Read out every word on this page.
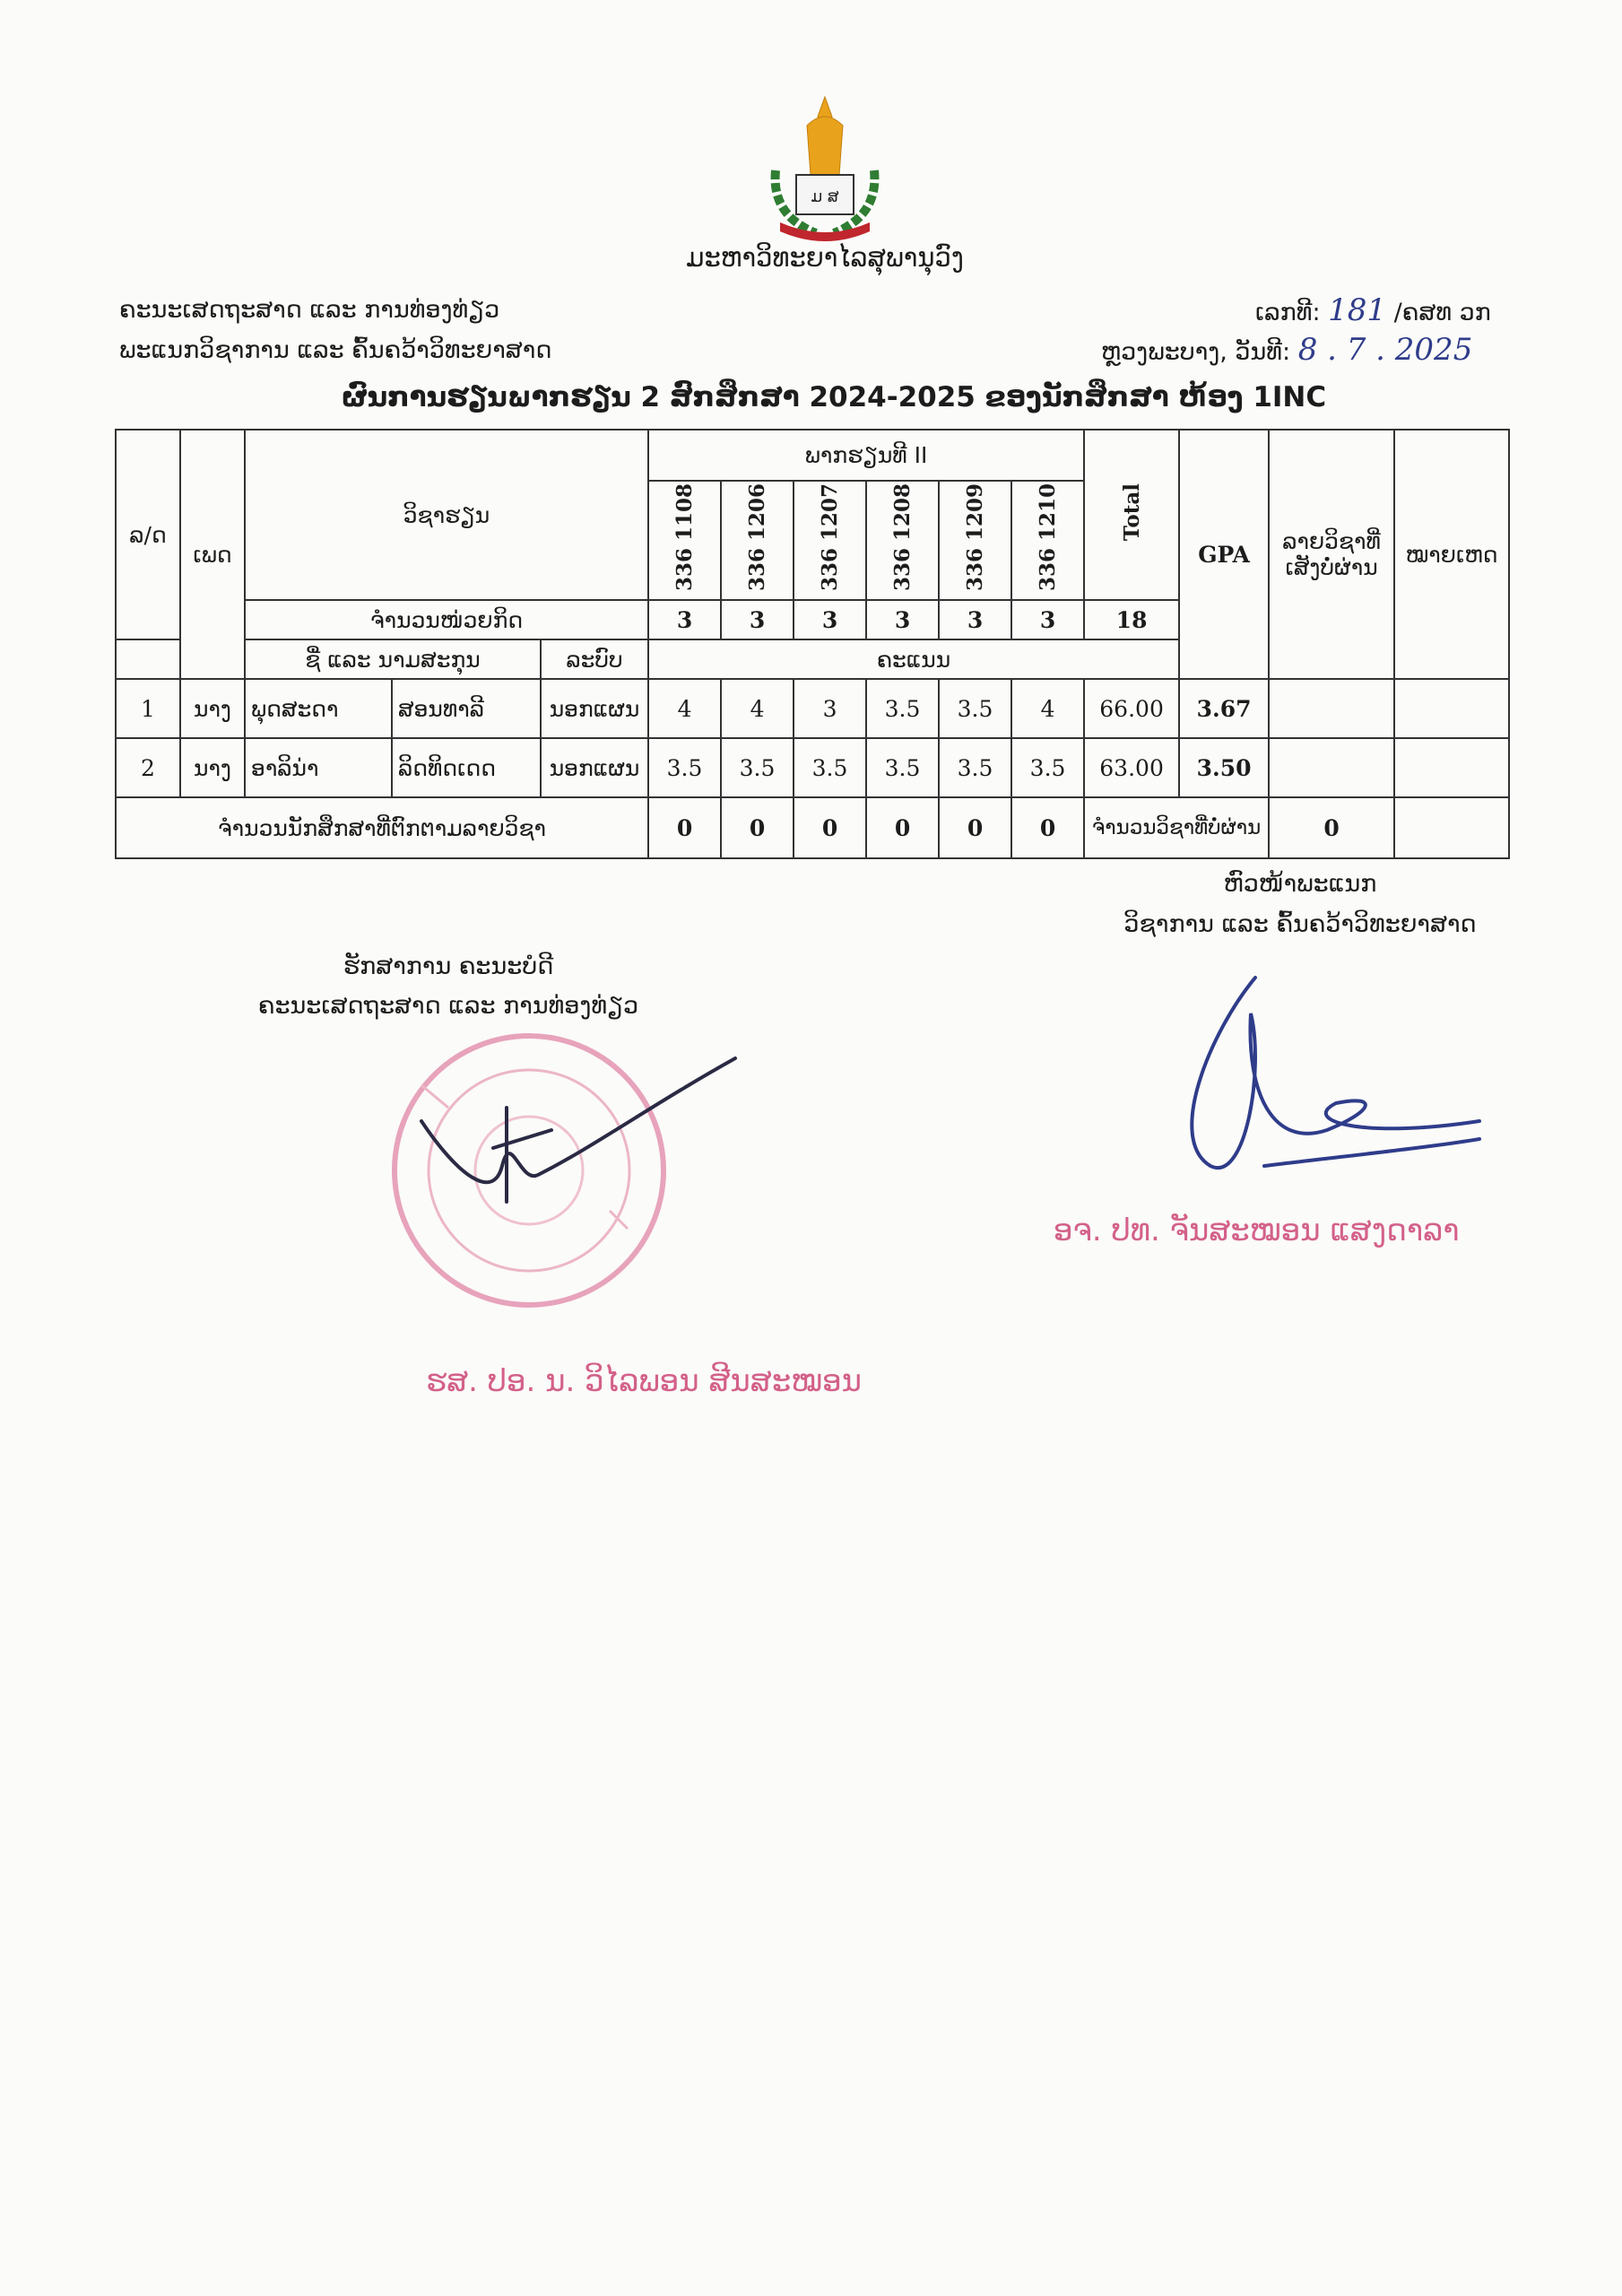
ມ ສ
ມະຫາວິທະຍາໄລສຸພານຸວົງ
ຄະນະເສດຖະສາດ ແລະ ການທ່ອງທ່ຽວ
ພະແນກວິຊາການ ແລະ ຄົ້ນຄວ້າວິທະຍາສາດ
ເລກທີ: 181 /ຄສທ ວກ
ຫຼວງພະບາງ, ວັນທີ: 8 . 7 . 2025
ຜົນການຮຽນພາກຮຽນ 2 ສົກສຶກສາ 2024-2025 ຂອງນັກສຶກສາ ຫ້ອງ 1INC
ລ/ດ	ເພດ	ວິຊາຮຽນ			ພາກຮຽນທີ II						Total	GPA	ລາຍວິຊາທີ່ເສັງບໍ່ຜ່ານ	ໝາຍເຫດ
					336 1108	336 1206	336 1207	336 1208	336 1209	336 1210				
		ຈຳນວນໜ່ວຍກິດ			3	3	3	3	3	3	18			
		ຊື່ ແລະ ນາມສະກຸນ		ລະບົບ	ຄະແນນ									
1	ນາງ	ພຸດສະດາ	ສອນທາລີ	ນອກແຜນ	4	4	3	3.5	3.5	4	66.00	3.67		
2	ນາງ	ອາລິນ່າ	ລິດທິດເດດ	ນອກແຜນ	3.5	3.5	3.5	3.5	3.5	3.5	63.00	3.50		
ຈຳນວນນັກສຶກສາທີ່ຕົກຕາມລາຍວິຊາ					0	0	0	0	0	0	ຈຳນວນວິຊາທີ່ບໍ່ຜ່ານ		0	
ຫົວໜ້າພະແນກ
ວິຊາການ ແລະ ຄົ້ນຄວ້າວິທະຍາສາດ
ອຈ. ປທ. ຈັນສະໝອນ ແສງດາລາ
ຮັກສາການ ຄະນະບໍດີ
ຄະນະເສດຖະສາດ ແລະ ການທ່ອງທ່ຽວ
ຮສ. ປອ. ນ. ວິໄລພອນ ສີນສະໝອນ
